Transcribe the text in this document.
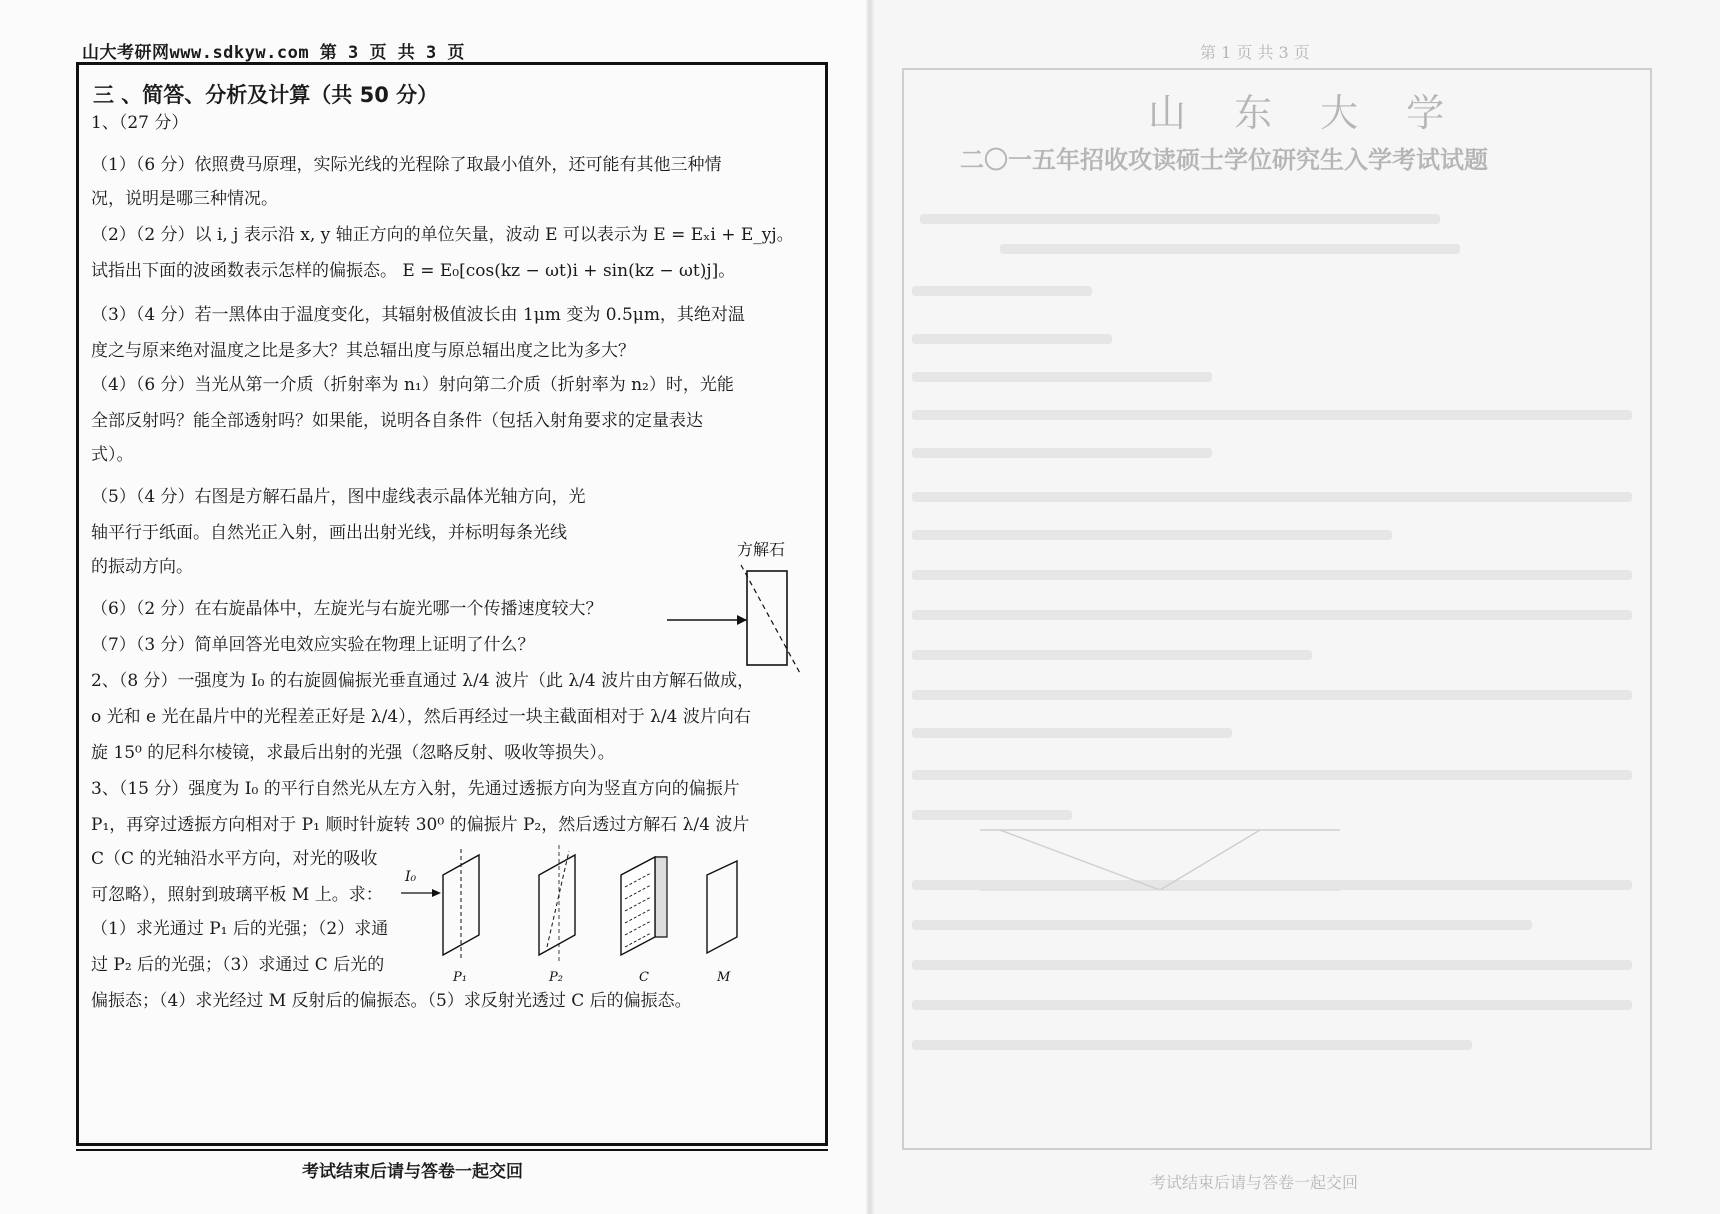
山大考研网www.sdkyw.com 第 3 页 共 3 页
三 、简答、分析及计算（共 50 分）
1、（27 分）
（1）（6 分）依照费马原理，实际光线的光程除了取最小值外，还可能有其他三种情
况，说明是哪三种情况。
（2）（2 分）以 i, j 表示沿 x, y 轴正方向的单位矢量，波动 E 可以表示为 E = Eₓi + E_yj。
试指出下面的波函数表示怎样的偏振态。 E = E₀[cos(kz − ωt)i + sin(kz − ωt)j]。
（3）（4 分）若一黑体由于温度变化，其辐射极值波长由 1μm 变为 0.5μm，其绝对温
度之与原来绝对温度之比是多大？其总辐出度与原总辐出度之比为多大？
（4）（6 分）当光从第一介质（折射率为 n₁）射向第二介质（折射率为 n₂）时，光能
全部反射吗？能全部透射吗？如果能，说明各自条件（包括入射角要求的定量表达
式）。
（5）（4 分）右图是方解石晶片，图中虚线表示晶体光轴方向，光
轴平行于纸面。自然光正入射，画出出射光线，并标明每条光线
的振动方向。
（6）（2 分）在右旋晶体中，左旋光与右旋光哪一个传播速度较大？
（7）（3 分）简单回答光电效应实验在物理上证明了什么？
2、（8 分）一强度为 I₀ 的右旋圆偏振光垂直通过 λ/4 波片（此 λ/4 波片由方解石做成，
o 光和 e 光在晶片中的光程差正好是 λ/4），然后再经过一块主截面相对于 λ/4 波片向右
旋 15⁰ 的尼科尔棱镜，求最后出射的光强（忽略反射、吸收等损失）。
3、（15 分）强度为 I₀ 的平行自然光从左方入射，先通过透振方向为竖直方向的偏振片
P₁，再穿过透振方向相对于 P₁ 顺时针旋转 30⁰ 的偏振片 P₂，然后透过方解石 λ/4 波片
C（C 的光轴沿水平方向，对光的吸收
可忽略），照射到玻璃平板 M 上。求：
（1）求光通过 P₁ 后的光强；（2）求通
过 P₂ 后的光强；（3）求通过 C 后光的
偏振态；（4）求光经过 M 反射后的偏振态。（5）求反射光透过 C 后的偏振态。
方解石
I₀
P₁	P₂	C	M
考试结束后请与答卷一起交回
第 1 页 共 3 页
山 东 大 学
二〇一五年招收攻读硕士学位研究生入学考试试题
考试结束后请与答卷一起交回
